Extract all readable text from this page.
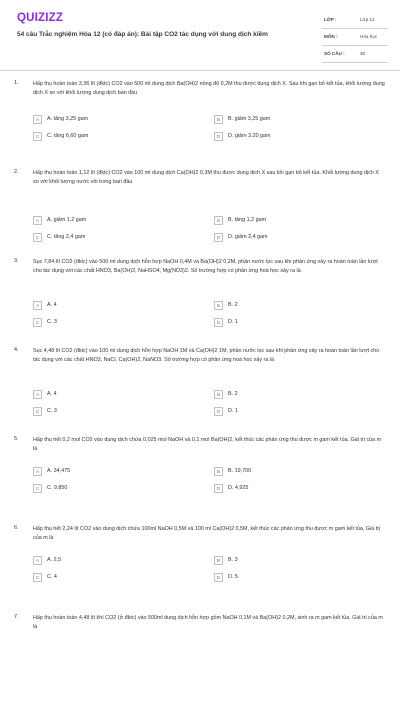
QUIZIZZ
54 câu Trắc nghiệm Hóa 12 (có đáp án): Bài tập CO2 tác dụng với dung dịch kiềm
LỚP :	Lớp 12
MÔN :	Hóa học
SỐ CÂU :	30
1.	Hấp thụ hoàn toàn 3,36 lít (đktc) CO2 vào 500 ml dung dịch Ba(OH)2 nồng độ 0,2M thu được dung dịch X. Sau khi gạn bỏ kết tủa, khối lượng dung dịch X so với khối lượng dung dịch ban đầu
A	A. tăng 3,25 gam	B	B. giảm 3,25 gam
C	C. tăng 6,60 gam	D	D. giảm 3,20 gam
2.	Hấp thụ hoàn toàn 1,12 lít (đktc) CO2 vào 100 ml dung dịch Ca(OH)2 0,3M thu được dung dịch X sau khi gạn bỏ kết tủa. Khối lượng dung dịch X so với khối lượng nước vôi trong ban đầu
A	A. giảm 1,2 gam	B	B. tăng 1,2 gam
C	C. tăng 2,4 gam	D	D. giảm 2,4 gam
3.	Sục 7,84 lít CO2 (đktc) vào 500 ml dung dịch hỗn hợp NaOH 0,4M và Ba(OH)2 0,2M, phần nước lọc sau khi phản ứng xảy ra hoàn toàn lần lượt cho tác dụng với các chất HNO3, Ba(OH)2, NaHSO4, Mg(NO3)2. Số trường hợp có phản ứng hoá học xảy ra là
A	A. 4	B	B. 2
C	C. 3	D	D. 1
4.	Sục 4,48 lít CO2 (đktc) vào 100 ml dung dịch hỗn hợp NaOH 1M và Ca(OH)2 1M, phần nước lọc sau khi phản ứng xảy ra hoàn toàn lần lượt cho tác dụng với các chất HNO3, NaCl, Ca(OH)2, NaNO3. Số trường hợp có phản ứng hoá học xảy ra là
A	A. 4	B	B. 2
C	C. 3	D	D. 1
5.	Hấp thụ hết 0,2 mol CO2 vào dung dịch chứa 0,025 mol NaOH và 0,1 mol Ba(OH)2, kết thúc các phản ứng thu được m gam kết tủa. Giá trị của m là
A	A. 34,475	B	B. 19,700
C	C. 9,850	D	D. 4,925
6.	Hấp thụ hết 2,24 lít CO2 vào dung dịch chứa 100ml NaOH 0,5M và 100 ml Ca(OH)2 0,5M, kết thúc các phản ứng thu được m gam kết tủa. Giá trị của m là
A	A. 2,5	B	B. 3
C	C. 4	D	D. 5
7.	Hấp thụ hoàn toàn 4,48 lít khí CO2 (ở đktc) vào 500ml dung dịch hỗn hợp gồm NaOH 0,1M và Ba(OH)2 0,2M, sinh ra m gam kết tủa. Giá trị của m là
